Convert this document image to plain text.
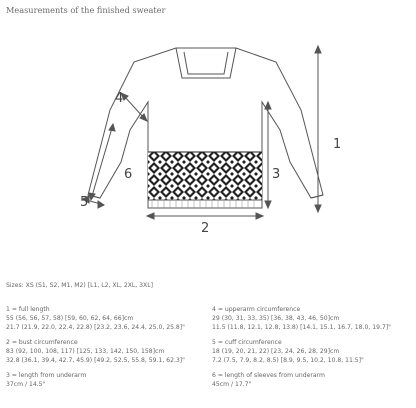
Measurements of the finished sweater
1
2
3
4
5
6
Sizes: XS (S1, S2, M1, M2) [L1, L2, XL, 2XL, 3XL]
1 = full length
55 (56, 56, 57, 58) [59, 60, 62, 64, 66]cm
21.7 (21.9, 22.0, 22.4, 22.8) [23.2, 23.6, 24.4, 25.0, 25.8]"
2 = bust circumference
83 (92, 100, 108, 117) [125, 133, 142, 150, 158]cm
32.8 (36.1, 39.4, 42.7, 45.9) [49.2, 52.5, 55.8, 59.1, 62.3]"
3 = length from underarm
37cm / 14.5"
4 = upperarm circumference
29 (30, 31, 33, 35) [36, 38, 43, 46, 50]cm
11.5 (11.8, 12.1, 12.8, 13.8) [14.1, 15.1, 16.7, 18.0, 19.7]"
5 = cuff circumference
18 (19, 20, 21, 22) [23, 24, 26, 28, 29]cm
7.2 (7.5, 7.9, 8.2, 8.5) [8.9, 9.5, 10.2, 10.8, 11.5]"
6 = length of sleeves from underarm
45cm / 17.7"
